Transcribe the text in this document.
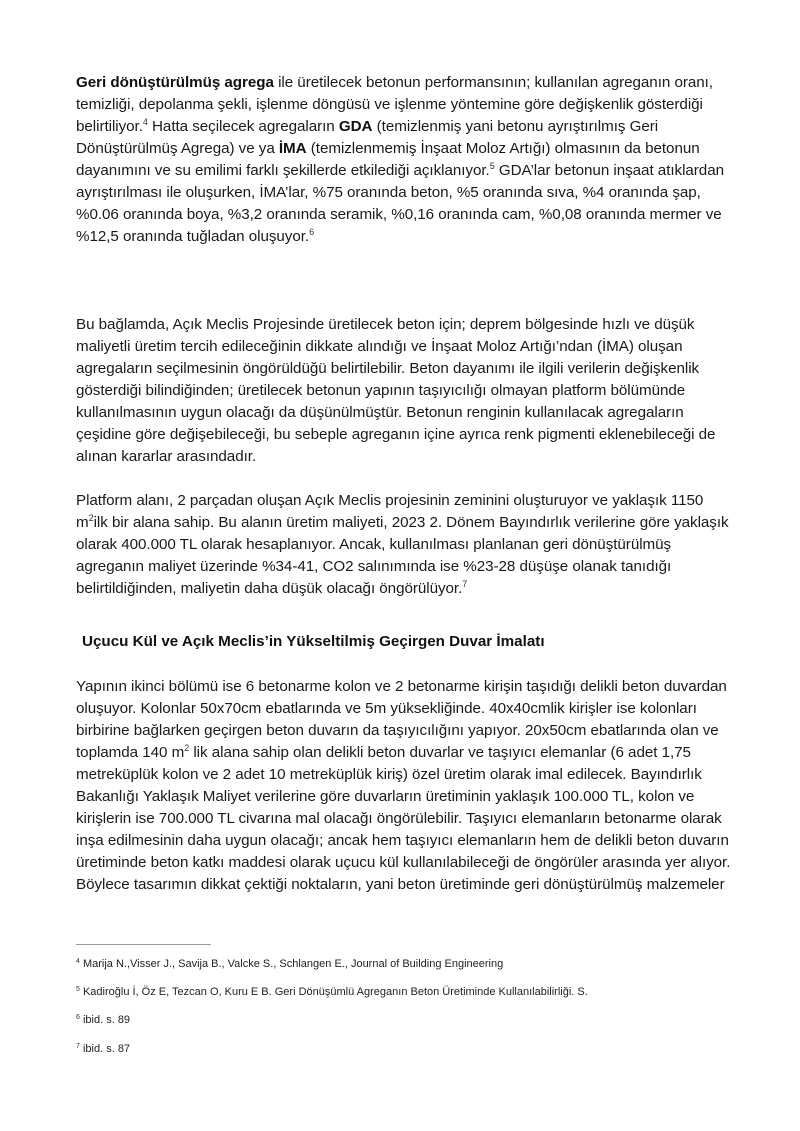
Geri dönüştürülmüş agrega ile üretilecek betonun performansının; kullanılan agreganın oranı, temizliği, depolanma şekli, işlenme döngüsü ve işlenme yöntemine göre değişkenlik gösterdiği belirtiliyor.$^4$ Hatta seçilecek agregaların GDA (temizlenmiş yani betonu ayrıştırılmış Geri Dönüştürülmüş Agrega) ve ya İMA (temizlenmemiş İnşaat Moloz Artığı) olmasının da betonun dayanımını ve su emilimi farklı şekillerde etkilediği açıklanıyor.$^5$ GDA’lar betonun inşaat atıklardan ayrıştırılması ile oluşurken, İMA’lar, %75 oranında beton, %5 oranında sıva, %4 oranında şap, %0.06 oranında boya, %3,2 oranında seramik, %0,16 oranında cam, %0,08 oranında mermer ve %12,5 oranında tuğladan oluşuyor.$^6$

Bu bağlamda, Açık Meclis Projesinde üretilecek beton için; deprem bölgesinde hızlı ve düşük maliyetli üretim tercih edileceğinin dikkate alındığı ve İnşaat Moloz Artığı’ndan (İMA) oluşan agregaların seçilmesinin öngörüldüğü belirtilebilir. Beton dayanımı ile ilgili verilerin değişkenlik gösterdiği bilindiğinden; üretilecek betonun yapının taşıyıcılığı olmayan platform bölümünde kullanılmasının uygun olacağı da düşünülmüştür. Betonun renginin kullanılacak agregaların çeşidine göre değişebileceği, bu sebeple agreganın içine ayrıca renk pigmenti eklenebileceği de alınan kararlar arasındadır.

Platform alanı, 2 parçadan oluşan Açık Meclis projesinin zeminini oluşturuyor ve yaklaşık 1150 $m^2ilk$ bir alana sahip. Bu alanın üretim maliyeti, 2023 2. Dönem Bayındırlık verilerine göre yaklaşık olarak 400.000 TL olarak hesaplanıyor. Ancak, kullanılması planlanan geri dönüştürülmüş agreganın maliyet üzerinde %34-41, CO2 salınımında ise %23-28 düşüşe olanak tanıdığı belirtildiğinden, maliyetin daha düşük olacağı öngörülüyor.$^7$

Uçucu Kül ve Açık Meclis’in Yükseltilmiş Geçirgen Duvar İmalatı

Yapının ikinci bölümü ise 6 betonarme kolon ve 2 betonarme kirişin taşıdığı delikli beton duvardan oluşuyor. Kolonlar 50x70cm ebatlarında ve 5m yüksekliğinde. 40x40cmlik kirişler ise kolonları birbirine bağlarken geçirgen beton duvarın da taşıyıcılığını yapıyor. 20x50cm ebatlarında olan ve toplamda 140 $m^2$ lik alana sahip olan delikli beton duvarlar ve taşıyıcı elemanlar (6 adet 1,75 metreküplük kolon ve 2 adet 10 metreküplük kiriş) özel üretim olarak imal edilecek. Bayındırlık Bakanlığı Yaklaşık Maliyet verilerine göre duvarların üretiminin yaklaşık 100.000 TL, kolon ve kirişlerin ise 700.000 TL civarına mal olacağı öngörülebilir. Taşıyıcı elemanların betonarme olarak inşa edilmesinin daha uygun olacağı; ancak hem taşıyıcı elemanların hem de delikli beton duvarın üretiminde beton katkı maddesi olarak uçucu kül kullanılabileceği de öngörüler arasında yer alıyor. Böylece tasarımın dikkat çektiği noktaların, yani beton üretiminde geri dönüştürülmüş malzemeler

$^4$ Marija N.,Visser J., Savija B., Valcke S., Schlangen E., Journal of Building Engineering
$^5$ Kadiroğlu İ, Öz E, Tezcan O, Kuru E B. Geri Dönüşümlü Agreganın Beton Üretiminde Kullanılabilirliği. S.
$^6$ ibid. s. 89
$^7$ ibid. s. 87
